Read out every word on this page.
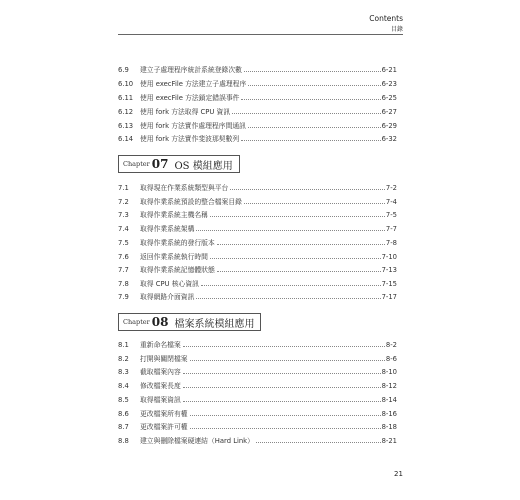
Contents
目錄
6.9	建立子處理程序統計系統登錄次數	6-21
6.10	使用 execFile 方法建立子處理程序	6-23
6.11	使用 execFile 方法鎖定錯誤事件	6-25
6.12	使用 fork 方法取得 CPU 資訊	6-27
6.13	使用 fork 方法實作處理程序間通訊	6-29
6.14	使用 fork 方法實作斐波那契數列	6-32
Chapter 07 OS 模組應用
7.1	取得現在作業系統類型與平台	7-2
7.2	取得作業系統預設的整合檔案目錄	7-4
7.3	取得作業系統主機名稱	7-5
7.4	取得作業系統架構	7-7
7.5	取得作業系統的發行版本	7-8
7.6	返回作業系統執行時間	7-10
7.7	取得作業系統記憶體狀態	7-13
7.8	取得 CPU 核心資訊	7-15
7.9	取得網路介面資訊	7-17
Chapter 08 檔案系統模組應用
8.1	重新命名檔案	8-2
8.2	打開與關閉檔案	8-6
8.3	截取檔案內容	8-10
8.4	修改檔案長度	8-12
8.5	取得檔案資訊	8-14
8.6	更改檔案所有權	8-16
8.7	更改檔案許可權	8-18
8.8	建立與刪除檔案硬連結（Hard Link）	8-21
21
